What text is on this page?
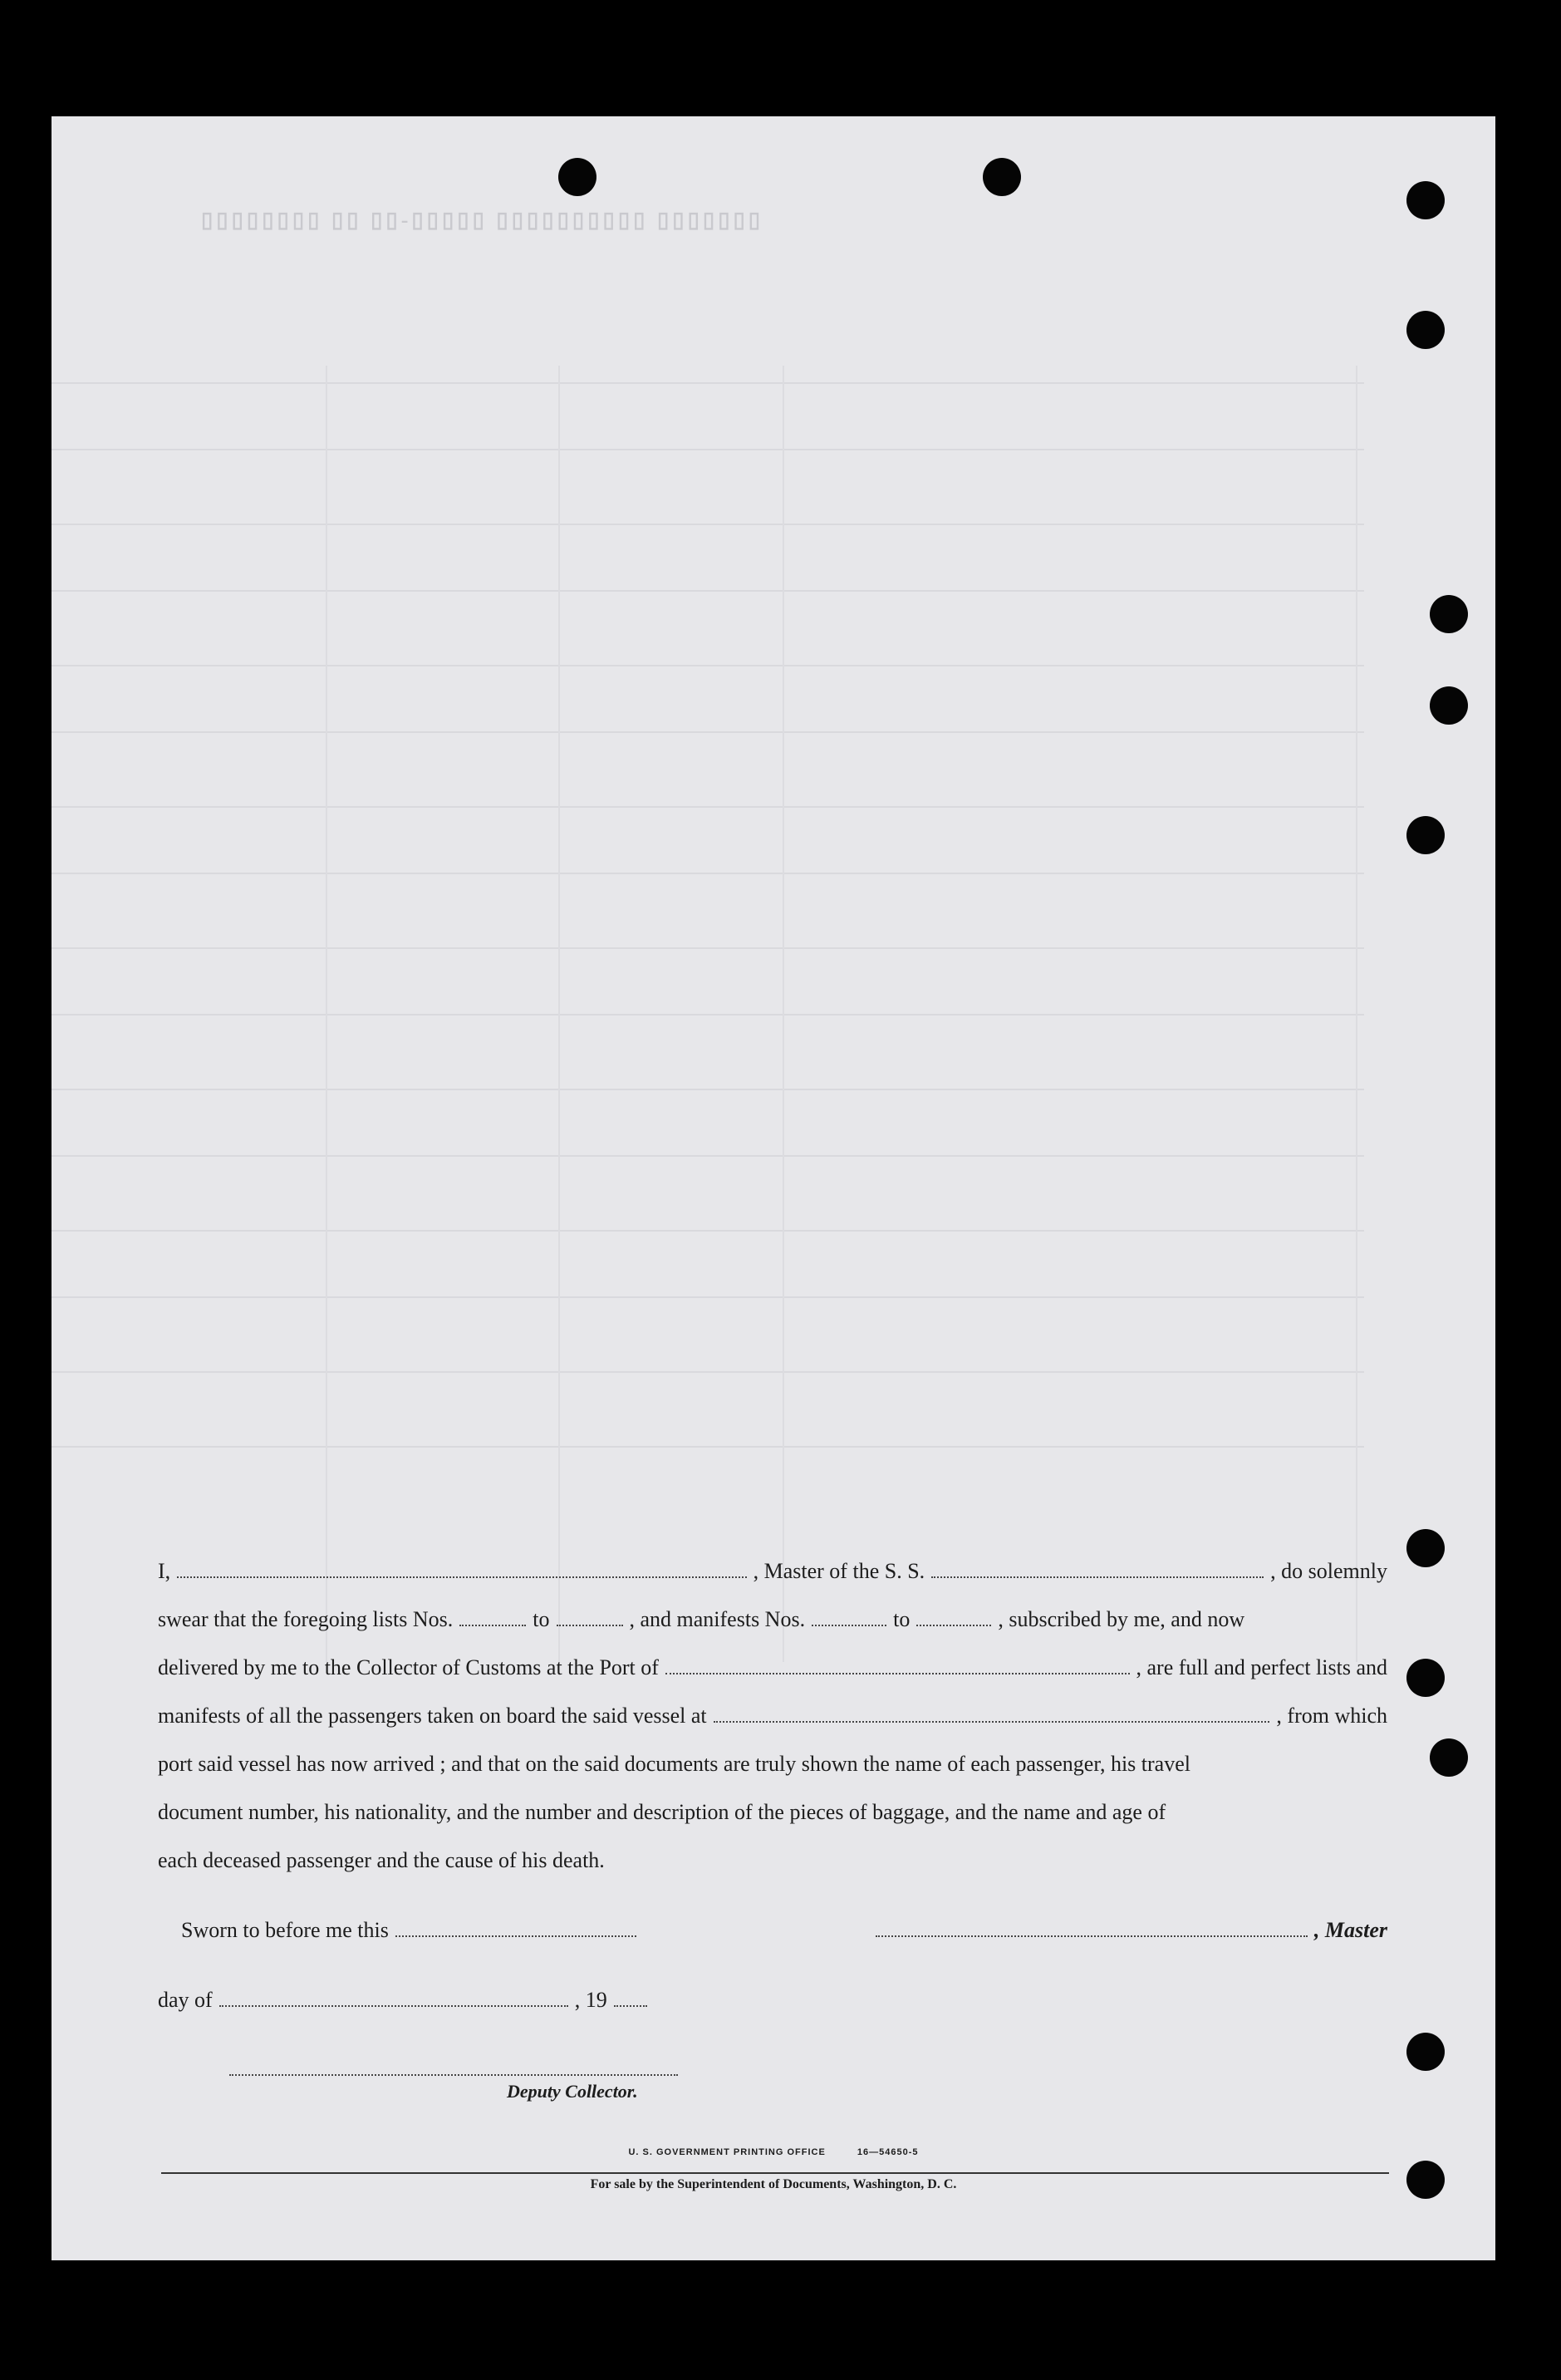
▯▯▯▯▯▯▯▯ ▯▯ ▯▯-▯▯▯▯▯ ▯▯▯▯▯▯▯▯▯▯ ▯▯▯▯▯▯▯
I,	, Master of the S. S.	, do solemnly
swear that the foregoing lists Nos.	to	, and manifests Nos.	to	, subscribed by me, and now
delivered by me to the Collector of Customs at the Port of	, are full and perfect lists and
manifests of all the passengers taken on board the said vessel at	, from which
port said vessel has now arrived ; and that on the said documents are truly shown the name of each passenger, his travel
document number, his nationality, and the number and description of the pieces of baggage, and the name and age of
each deceased passenger and the cause of his death.
Sworn to before me this	, Master
day of	, 19
Deputy Collector.
U. S. GOVERNMENT PRINTING OFFICE	16—54650-5
For sale by the Superintendent of Documents, Washington, D. C.
